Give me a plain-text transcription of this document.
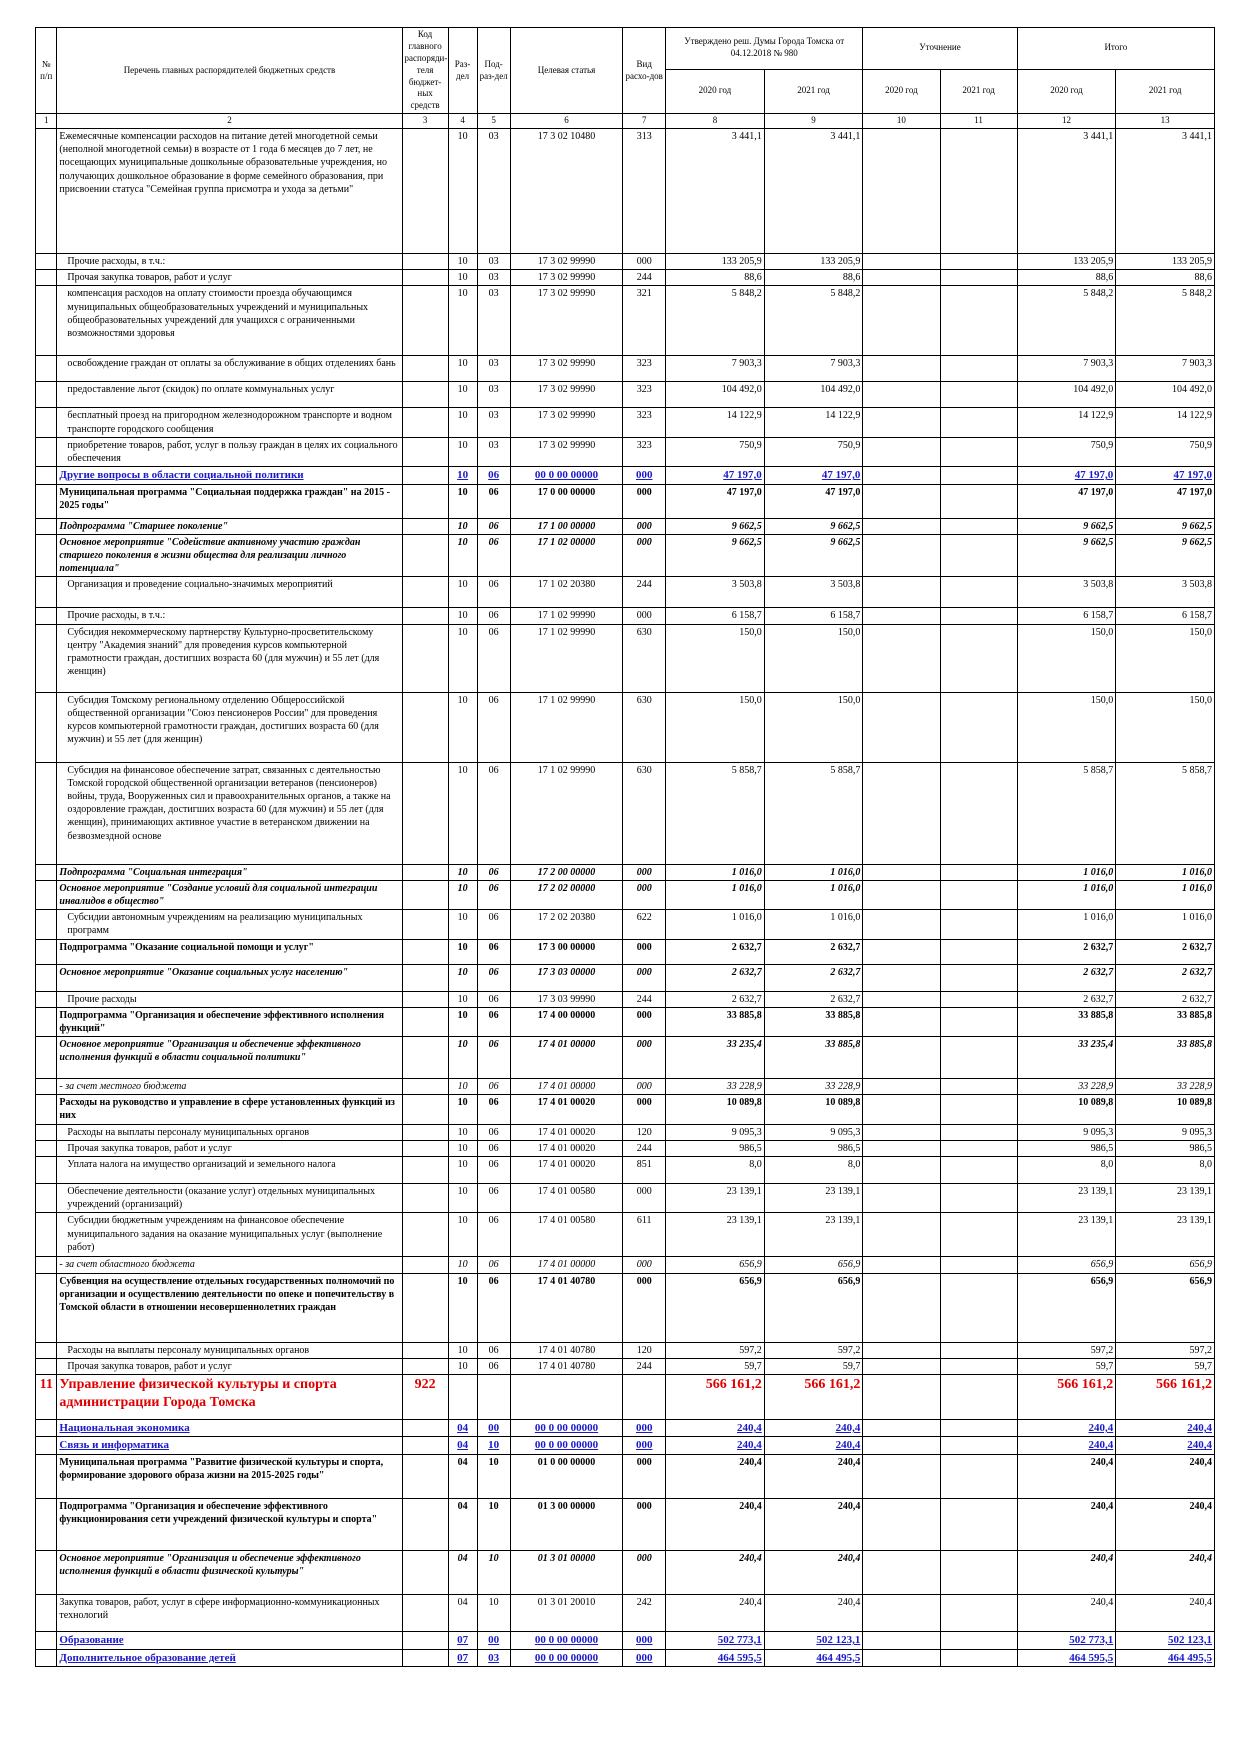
№ п/п	Перечень главных распорядителей бюджетных средств	Код главного распоряди-теля бюджет-ных средств	Раз-дел	Под-раз-дел	Целевая статья	Вид расхо-дов	Утверждено реш. Думы Города Томска от 04.12.2018 № 980		Уточнение		Итого	
							2020 год	2021 год	2020 год	2021 год	2020 год	2021 год
1	2	3	4	5	6	7	8	9	10	11	12	13
	Ежемесячные компенсации расходов на питание детей многодетной семьи (неполной многодетной семьи) в возрасте от 1 года 6 месяцев до 7 лет, не посещающих муниципальные дошкольные образовательные учреждения, но получающих дошкольное образование в форме семейного образования, при присвоении статуса "Семейная группа присмотра и ухода за детьми"		10	03	17 3 02 10480	313	3 441,1	3 441,1			3 441,1	3 441,1
	Прочие расходы, в т.ч.:		10	03	17 3 02 99990	000	133 205,9	133 205,9			133 205,9	133 205,9
	Прочая закупка товаров, работ и услуг		10	03	17 3 02 99990	244	88,6	88,6			88,6	88,6
	компенсация расходов на оплату стоимости проезда обучающимся муниципальных общеобразовательных учреждений и муниципальных общеобразовательных учреждений для учащихся с ограниченными возможностями здоровья		10	03	17 3 02 99990	321	5 848,2	5 848,2			5 848,2	5 848,2
	освобождение граждан от оплаты за обслуживание в общих отделениях бань		10	03	17 3 02 99990	323	7 903,3	7 903,3			7 903,3	7 903,3
	предоставление льгот (скидок) по оплате коммунальных услуг		10	03	17 3 02 99990	323	104 492,0	104 492,0			104 492,0	104 492,0
	бесплатный проезд на пригородном железнодорожном транспорте и водном транспорте городского сообщения		10	03	17 3 02 99990	323	14 122,9	14 122,9			14 122,9	14 122,9
	приобретение товаров, работ, услуг в пользу граждан в целях их социального обеспечения		10	03	17 3 02 99990	323	750,9	750,9			750,9	750,9
	Другие вопросы в области социальной политики		10	06	00 0 00 00000	000	47 197,0	47 197,0			47 197,0	47 197,0
	Муниципальная программа "Социальная поддержка граждан" на 2015 - 2025 годы"		10	06	17 0 00 00000	000	47 197,0	47 197,0			47 197,0	47 197,0
	Подпрограмма "Старшее поколение"		10	06	17 1 00 00000	000	9 662,5	9 662,5			9 662,5	9 662,5
	Основное мероприятие "Содействие активному участию граждан старшего поколения в жизни общества для реализации личного потенциала"		10	06	17 1 02 00000	000	9 662,5	9 662,5			9 662,5	9 662,5
	Организация и проведение социально-значимых мероприятий		10	06	17 1 02 20380	244	3 503,8	3 503,8			3 503,8	3 503,8
	Прочие расходы, в т.ч.:		10	06	17 1 02 99990	000	6 158,7	6 158,7			6 158,7	6 158,7
	Субсидия некоммерческому партнерству Культурно-просветительскому центру "Академия знаний" для проведения курсов компьютерной грамотности граждан, достигших возраста 60 (для мужчин) и 55 лет (для женщин)		10	06	17 1 02 99990	630	150,0	150,0			150,0	150,0
	Субсидия Томскому региональному отделению Общероссийской общественной организации "Союз пенсионеров России" для проведения курсов компьютерной грамотности граждан, достигших возраста 60 (для мужчин) и 55 лет (для женщин)		10	06	17 1 02 99990	630	150,0	150,0			150,0	150,0
	Субсидия на финансовое обеспечение затрат, связанных с деятельностью Томской городской общественной организации ветеранов (пенсионеров) войны, труда, Вооруженных сил и правоохранительных органов, а также на оздоровление граждан, достигших возраста 60 (для мужчин) и 55 лет (для женщин), принимающих активное участие в ветеранском движении на безвозмездной основе		10	06	17 1 02 99990	630	5 858,7	5 858,7			5 858,7	5 858,7
	Подпрограмма "Социальная интеграция"		10	06	17 2 00 00000	000	1 016,0	1 016,0			1 016,0	1 016,0
	Основное мероприятие "Создание условий для социальной интеграции инвалидов в общество"		10	06	17 2 02 00000	000	1 016,0	1 016,0			1 016,0	1 016,0
	Субсидии автономным учреждениям на реализацию муниципальных программ		10	06	17 2 02 20380	622	1 016,0	1 016,0			1 016,0	1 016,0
	Подпрограмма "Оказание социальной помощи и услуг"		10	06	17 3 00 00000	000	2 632,7	2 632,7			2 632,7	2 632,7
	Основное мероприятие "Оказание социальных услуг населению"		10	06	17 3 03 00000	000	2 632,7	2 632,7			2 632,7	2 632,7
	Прочие расходы		10	06	17 3 03 99990	244	2 632,7	2 632,7			2 632,7	2 632,7
	Подпрограмма "Организация и обеспечение эффективного исполнения функций"		10	06	17 4 00 00000	000	33 885,8	33 885,8			33 885,8	33 885,8
	Основное мероприятие "Организация и обеспечение эффективного исполнения функций в области социальной политики"		10	06	17 4 01 00000	000	33 235,4	33 885,8			33 235,4	33 885,8
	- за счет местного бюджета		10	06	17 4 01 00000	000	33 228,9	33 228,9			33 228,9	33 228,9
	Расходы на руководство и управление в сфере установленных функций из них		10	06	17 4 01 00020	000	10 089,8	10 089,8			10 089,8	10 089,8
	Расходы на выплаты персоналу муниципальных органов		10	06	17 4 01 00020	120	9 095,3	9 095,3			9 095,3	9 095,3
	Прочая закупка товаров, работ и услуг		10	06	17 4 01 00020	244	986,5	986,5			986,5	986,5
	Уплата налога на имущество организаций и земельного налога		10	06	17 4 01 00020	851	8,0	8,0			8,0	8,0
	Обеспечение деятельности (оказание услуг) отдельных муниципальных учреждений (организаций)		10	06	17 4 01 00580	000	23 139,1	23 139,1			23 139,1	23 139,1
	Субсидии бюджетным учреждениям на финансовое обеспечение муниципального задания на оказание муниципальных услуг (выполнение работ)		10	06	17 4 01 00580	611	23 139,1	23 139,1			23 139,1	23 139,1
	- за счет областного бюджета		10	06	17 4 01 00000	000	656,9	656,9			656,9	656,9
	Субвенция на осуществление отдельных государственных полномочий по организации и осуществлению деятельности по опеке и попечительству в Томской области в отношении несовершеннолетних граждан		10	06	17 4 01 40780	000	656,9	656,9			656,9	656,9
	Расходы на выплаты персоналу муниципальных органов		10	06	17 4 01 40780	120	597,2	597,2			597,2	597,2
	Прочая закупка товаров, работ и услуг		10	06	17 4 01 40780	244	59,7	59,7			59,7	59,7
11	Управление физической культуры и спорта администрации Города Томска	922					566 161,2	566 161,2			566 161,2	566 161,2
	Национальная экономика		04	00	00 0 00 00000	000	240,4	240,4			240,4	240,4
	Связь и информатика		04	10	00 0 00 00000	000	240,4	240,4			240,4	240,4
	Муниципальная программа "Развитие физической культуры и спорта, формирование здорового образа жизни на 2015-2025 годы"		04	10	01 0 00 00000	000	240,4	240,4			240,4	240,4
	Подпрограмма "Организация и обеспечение эффективного функционирования сети учреждений физической культуры и спорта"		04	10	01 3 00 00000	000	240,4	240,4			240,4	240,4
	Основное мероприятие "Организация и обеспечение эффективного исполнения функций в области физической культуры"		04	10	01 3 01 00000	000	240,4	240,4			240,4	240,4
	Закупка товаров, работ, услуг в сфере информационно-коммуникационных технологий		04	10	01 3 01 20010	242	240,4	240,4			240,4	240,4
	Образование		07	00	00 0 00 00000	000	502 773,1	502 123,1			502 773,1	502 123,1
	Дополнительное образование детей		07	03	00 0 00 00000	000	464 595,5	464 495,5			464 595,5	464 495,5
